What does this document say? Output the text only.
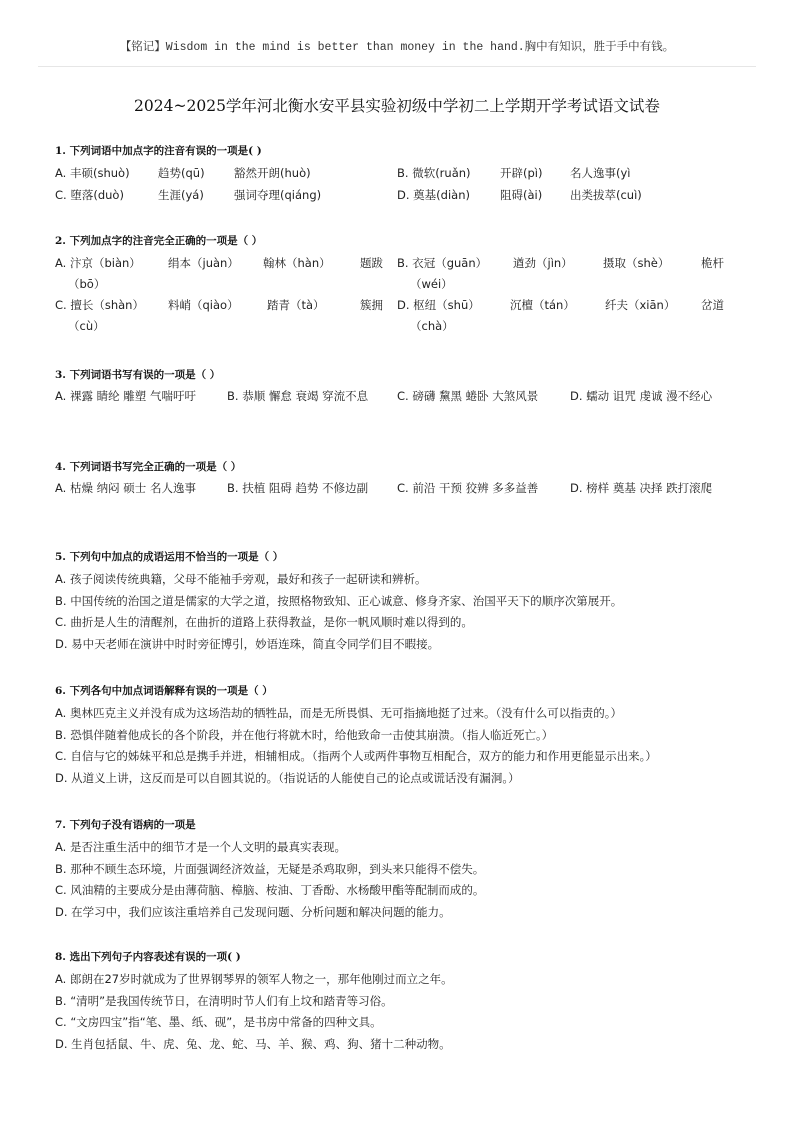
【铭记】Wisdom in the mind is better than money in the hand.胸中有知识，胜于手中有钱。
2024~2025学年河北衡水安平县实验初级中学初二上学期开学考试语文试卷
1. 下列词语中加点字的注音有误的一项是( )
A. 丰硕(shuò) 趋势(qū)	豁然开朗(huò)	B. 微软(ruǎn)	开辟(pì) 名人逸事(yì
C. 堕落(duò)	生涯(yá)	强词夺理(qiáng)	D. 奠基(diàn)	阻碍(ài) 出类拔萃(cuì)
2. 下列加点字的注音完全正确的一项是（ ）
A. 汴京（biàn） 绢本（juàn） 翰林（hàn）	题跋 B. 衣冠（guān） 遒劲（jìn）	摄取（shè）	桅杆
（bō）	（wéi）
C. 擅长（shàn） 料峭（qiào） 踏青（tà）	簇拥 D. 枢纽（shū）	沉檀（tán）	纤夫（xiān） 岔道
（cù）	（chà）
3. 下列词语书写有误的一项是（ ）
A. 裸露 睛纶 雕塑 气喘吁吁	B. 恭顺 懈怠 衰竭 穿流不息	C. 磅礴 黧黑 蜷卧 大煞风景	D. 蠕动 诅咒 虔诚 漫不经心
4. 下列词语书写完全正确的一项是（ ）
A. 枯燥 纳闷 硕士 名人逸事	B. 扶植 阻碍 趋势 不修边副	C. 前沿 干预 狡辨 多多益善	D. 榜样 奠基 决择 跌打滚爬
5. 下列句中加点的成语运用不恰当的一项是（ ）
A. 孩子阅读传统典籍，父母不能袖手旁观，最好和孩子一起研读和辨析。
B. 中国传统的治国之道是儒家的大学之道，按照格物致知、正心诚意、修身齐家、治国平天下的顺序次第展开。
C. 曲折是人生的清醒剂，在曲折的道路上获得教益，是你一帆风顺时难以得到的。
D. 易中天老师在演讲中时时旁征博引，妙语连珠，简直令同学们目不暇接。
6. 下列各句中加点词语解释有误的一项是（ ）
A. 奥林匹克主义并没有成为这场浩劫的牺牲品，而是无所畏惧、无可指摘地挺了过来。（没有什么可以指责的。）
B. 恐惧伴随着他成长的各个阶段，并在他行将就木时，给他致命一击使其崩溃。（指人临近死亡。）
C. 自信与它的姊妹平和总是携手并进，相辅相成。（指两个人或两件事物互相配合，双方的能力和作用更能显示出来。）
D. 从道义上讲，这反而是可以自圆其说的。（指说话的人能使自己的论点或谎话没有漏洞。）
7. 下列句子没有语病的一项是
A. 是否注重生活中的细节才是一个人文明的最真实表现。
B. 那种不顾生态环境，片面强调经济效益，无疑是杀鸡取卵，到头来只能得不偿失。
C. 风油精的主要成分是由薄荷脑、樟脑、桉油、丁香酚、水杨酸甲酯等配制而成的。
D. 在学习中，我们应该注重培养自己发现问题、分析问题和解决问题的能力。
8. 选出下列句子内容表述有误的一项( )
A. 郎朗在27岁时就成为了世界钢琴界的领军人物之一，那年他刚过而立之年。
B. “清明”是我国传统节日，在清明时节人们有上坟和踏青等习俗。
C. “文房四宝”指“笔、墨、纸、砚”，是书房中常备的四种文具。
D. 生肖包括鼠、牛、虎、兔、龙、蛇、马、羊、猴、鸡、狗、猪十二种动物。
